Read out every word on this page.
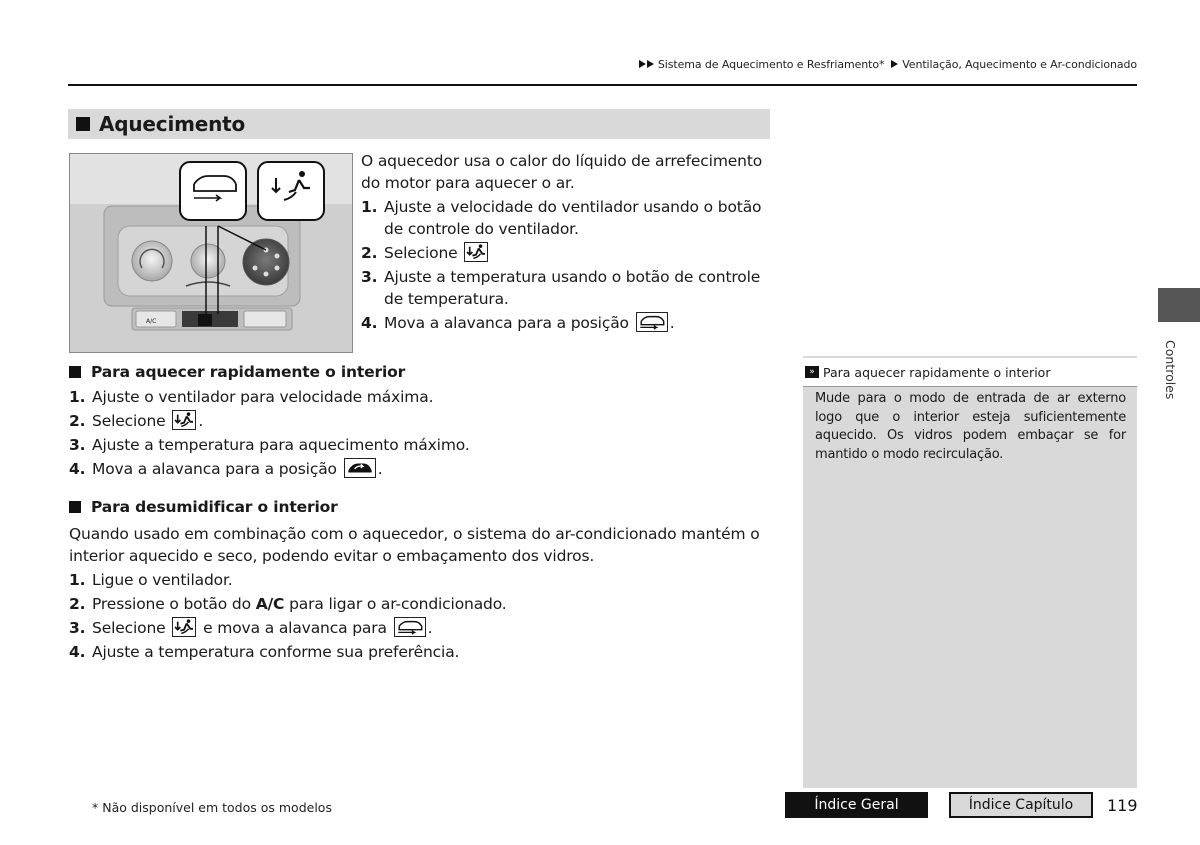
Sistema de Aquecimento e Resfriamento* Ventilação, Aquecimento e Ar-condicionado
Aquecimento
A/C

O aquecedor usa o calor do líquido de arrefecimento do motor para aquecer o ar.

1. Ajuste a velocidade do ventilador usando o botão de controle do ventilador.
2. Selecione
3. Ajuste a temperatura usando o botão de controle de temperatura.
4. Mova a alavanca para a posição	.
Para aquecer rapidamente o interior
1. Ajuste o ventilador para velocidade máxima.
2. Selecione .
3. Ajuste a temperatura para aquecimento máximo.
4. Mova a alavanca para a posição	.
Para desumidificar o interior

Quando usado em combinação com o aquecedor, o sistema do ar-condicionado mantém o interior aquecido e seco, podendo evitar o embaçamento dos vidros.

1. Ligue o ventilador.
2. Pressione o botão do A/C para ligar o ar-condicionado.
3. Selecione e mova a alavanca para	.
4. Ajuste a temperatura conforme sua preferência.
» Para aquecer rapidamente o interior
Mude para o modo de entrada de ar externo logo que o interior esteja suficientemente aquecido. Os vidros podem embaçar se for mantido o modo recirculação.
Controles
* Não disponível em todos os modelos	Índice Geral	Índice Capítulo	119
